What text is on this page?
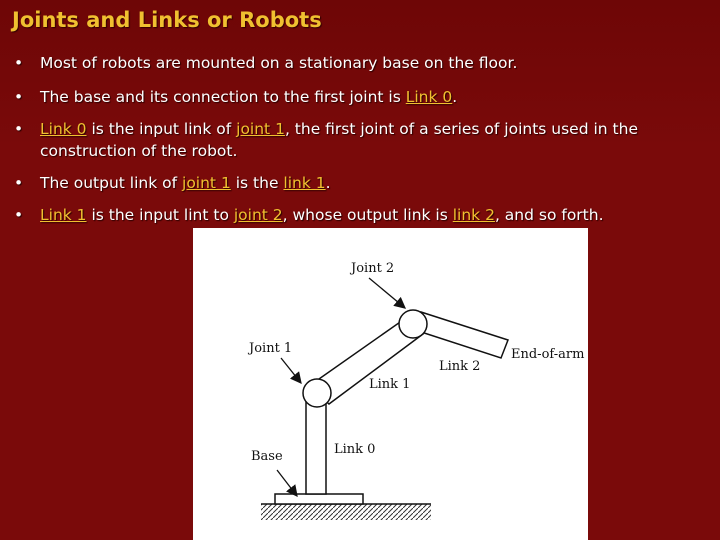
Joints and Links or Robots
•	Most of robots are mounted on a stationary base on the floor.
•	The base and its connection to the first joint is Link 0.
•	Link 0 is the input link of joint 1, the first joint of a series of joints used in the construction of the robot.
•	The output link of joint 1 is the link 1.
•	Link 1 is the input lint to joint 2, whose output link is link 2, and so forth.
Joint 2
Joint 1	End-of-arm
Link 2
Link 1
Link 0
Base
